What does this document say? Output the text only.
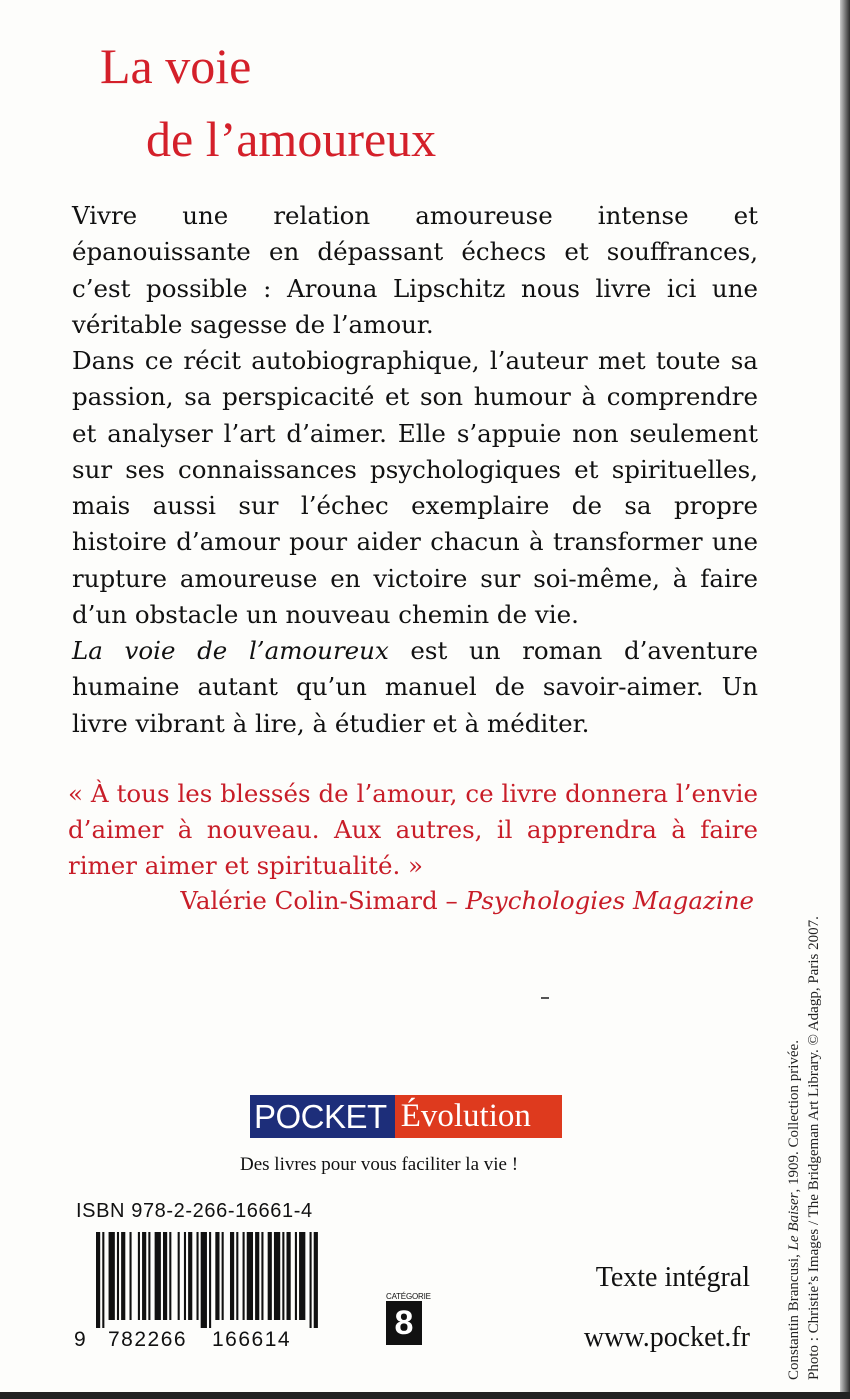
La voie
de l’amoureux

Vivre une relation amoureuse intense et épanouissante en dépassant échecs et souffrances, c’est possible : Arouna Lipschitz nous livre ici une véritable sagesse de l’amour.

Dans ce récit autobiographique, l’auteur met toute sa passion, sa perspicacité et son humour à comprendre et analyser l’art d’aimer. Elle s’appuie non seulement sur ses connaissances psychologiques et spirituelles, mais aussi sur l’échec exemplaire de sa propre histoire d’amour pour aider chacun à transformer une rupture amoureuse en victoire sur soi-même, à faire d’un obstacle un nouveau chemin de vie.

La voie de l’amoureux est un roman d’aventure humaine autant qu’un manuel de savoir-aimer. Un livre vibrant à lire, à étudier et à méditer.

« À tous les blessés de l’amour, ce livre donnera l’envie d’aimer à nouveau. Aux autres, il apprendra à faire rimer aimer et spiritualité. »
Valérie Colin-Simard – Psychologies Magazine
POCKET Évolution
Des livres pour vous faciliter la vie !
ISBN 978-2-266-16661-4
9 782266 166614
CATÉGORIE
8
Texte intégral
www.pocket.fr Constantin Brancusi, Le Baiser, 1909. Collection privée. Photo : Christie’s Images / The Bridgeman Art Library. © Adagp, Paris 2007.
